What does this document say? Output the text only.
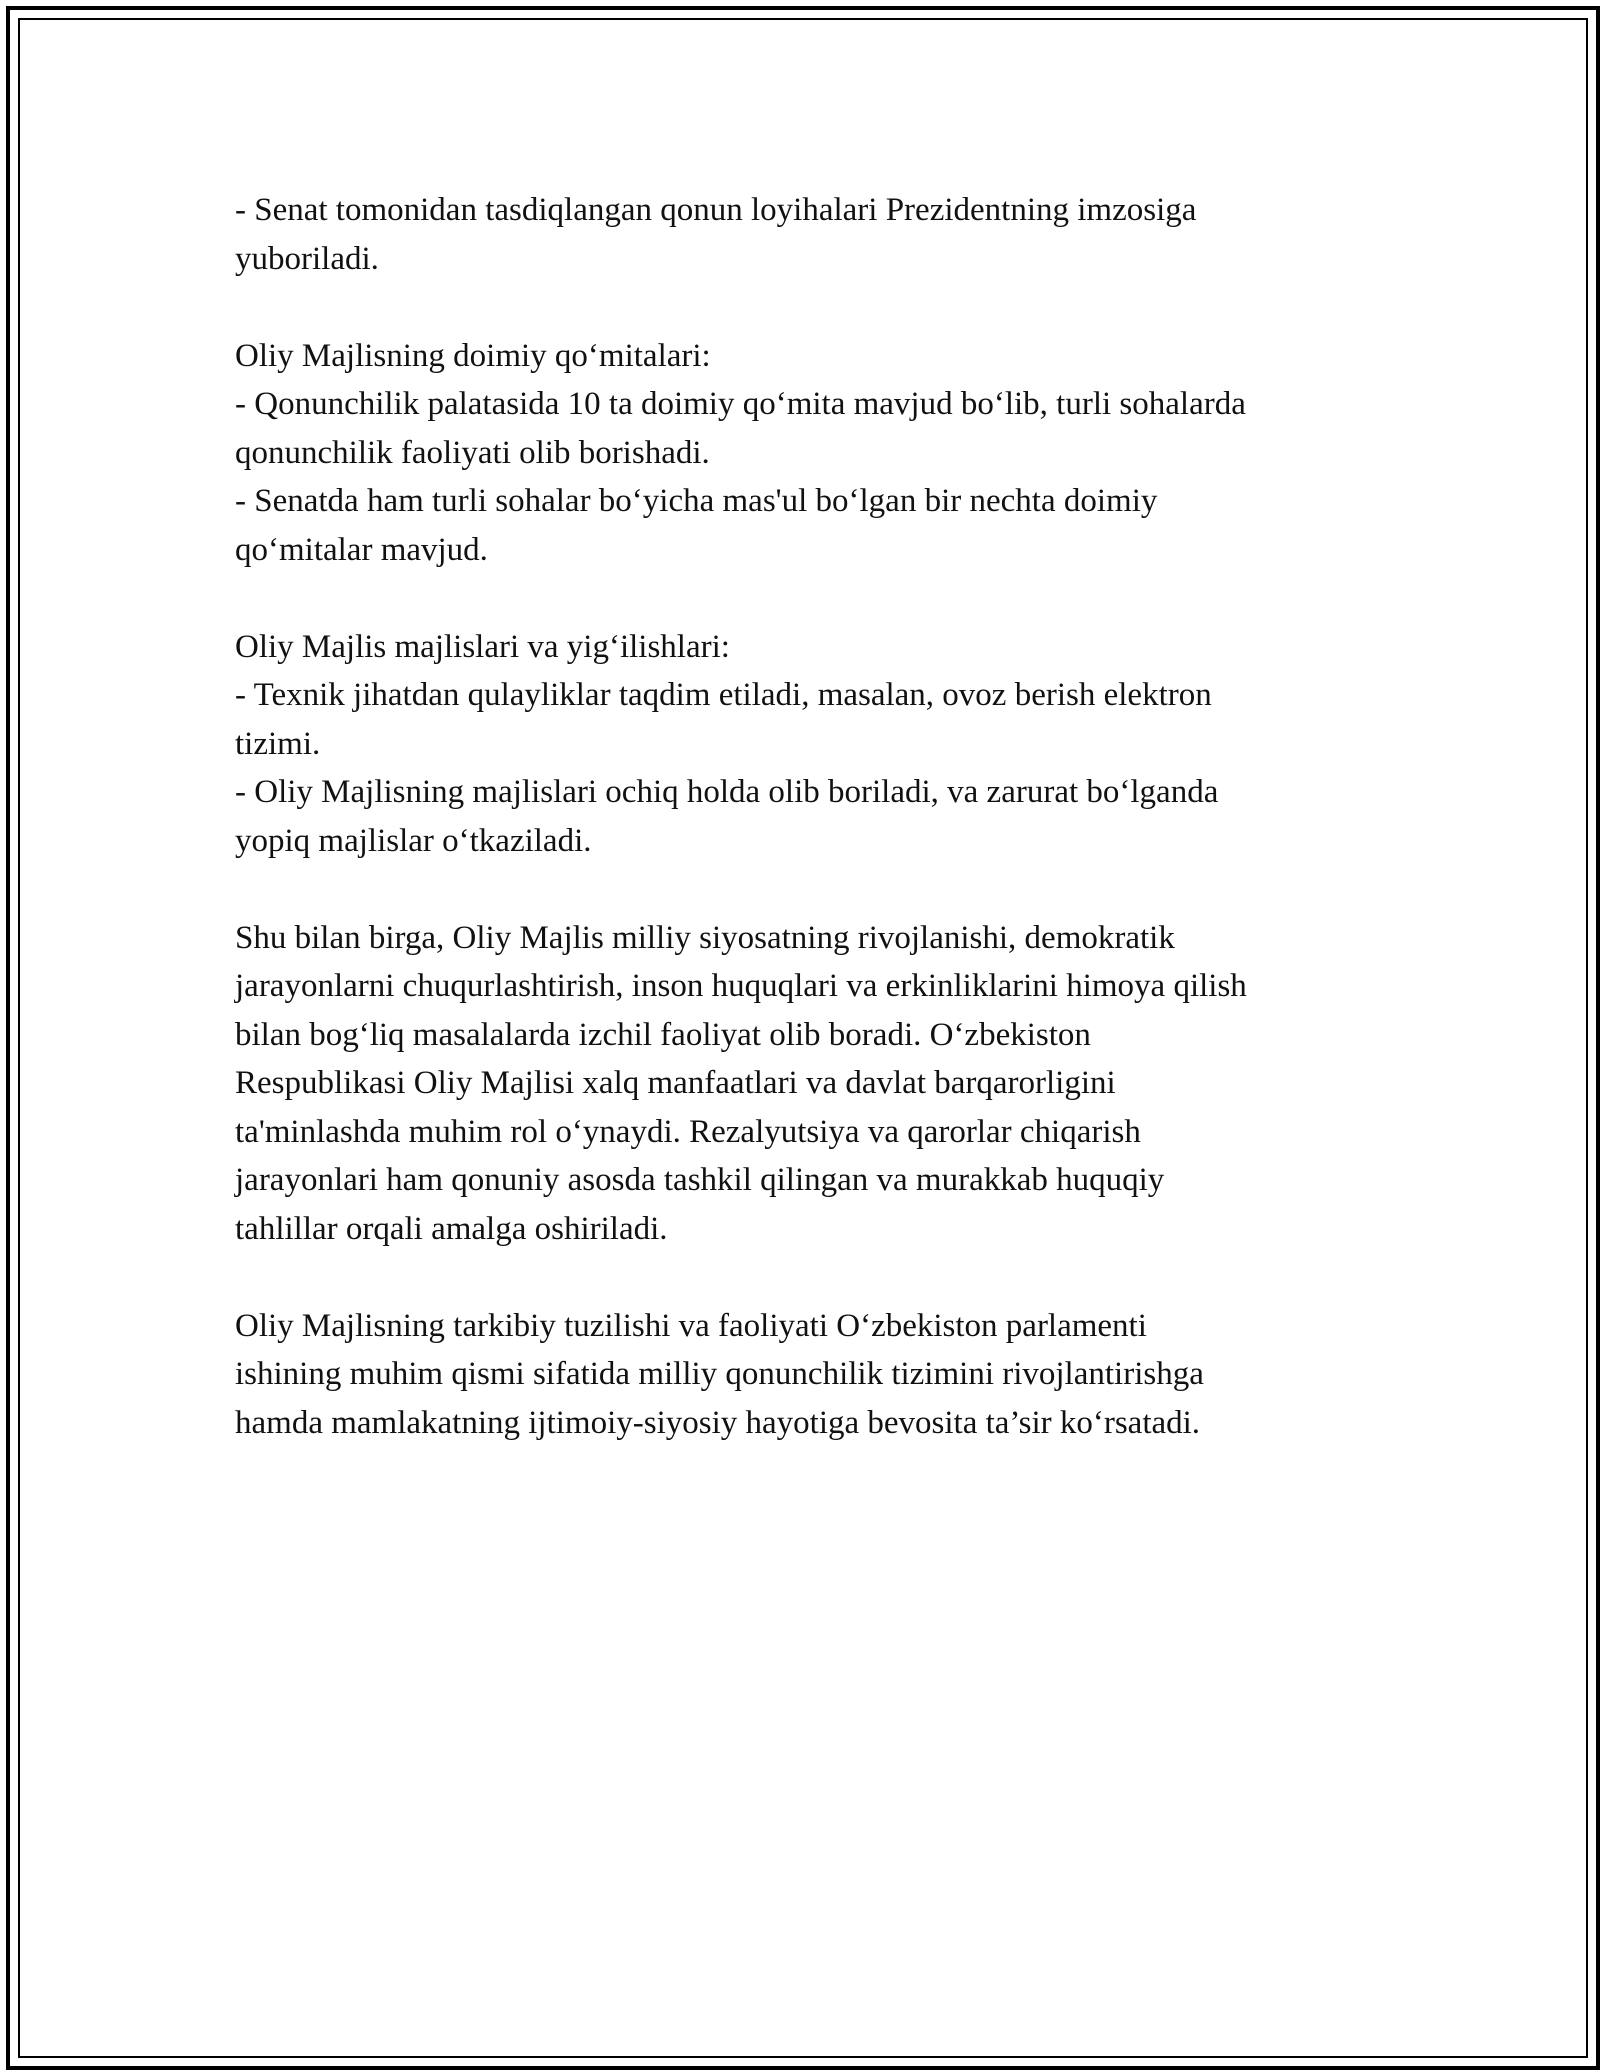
- Senat tomonidan tasdiqlangan qonun loyihalari Prezidentning imzosiga
yuboriladi.
Oliy Majlisning doimiy qo‘mitalari:
- Qonunchilik palatasida 10 ta doimiy qo‘mita mavjud bo‘lib, turli sohalarda
qonunchilik faoliyati olib borishadi.
- Senatda ham turli sohalar bo‘yicha mas'ul bo‘lgan bir nechta doimiy
qo‘mitalar mavjud.
Oliy Majlis majlislari va yig‘ilishlari:
- Texnik jihatdan qulayliklar taqdim etiladi, masalan, ovoz berish elektron
tizimi.
- Oliy Majlisning majlislari ochiq holda olib boriladi, va zarurat bo‘lganda
yopiq majlislar o‘tkaziladi.
Shu bilan birga, Oliy Majlis milliy siyosatning rivojlanishi, demokratik
jarayonlarni chuqurlashtirish, inson huquqlari va erkinliklarini himoya qilish
bilan bog‘liq masalalarda izchil faoliyat olib boradi. O‘zbekiston
Respublikasi Oliy Majlisi xalq manfaatlari va davlat barqarorligini
ta'minlashda muhim rol o‘ynaydi. Rezalyutsiya va qarorlar chiqarish
jarayonlari ham qonuniy asosda tashkil qilingan va murakkab huquqiy
tahlillar orqali amalga oshiriladi.
Oliy Majlisning tarkibiy tuzilishi va faoliyati O‘zbekiston parlamenti
ishining muhim qismi sifatida milliy qonunchilik tizimini rivojlantirishga
hamda mamlakatning ijtimoiy-siyosiy hayotiga bevosita ta’sir ko‘rsatadi.
